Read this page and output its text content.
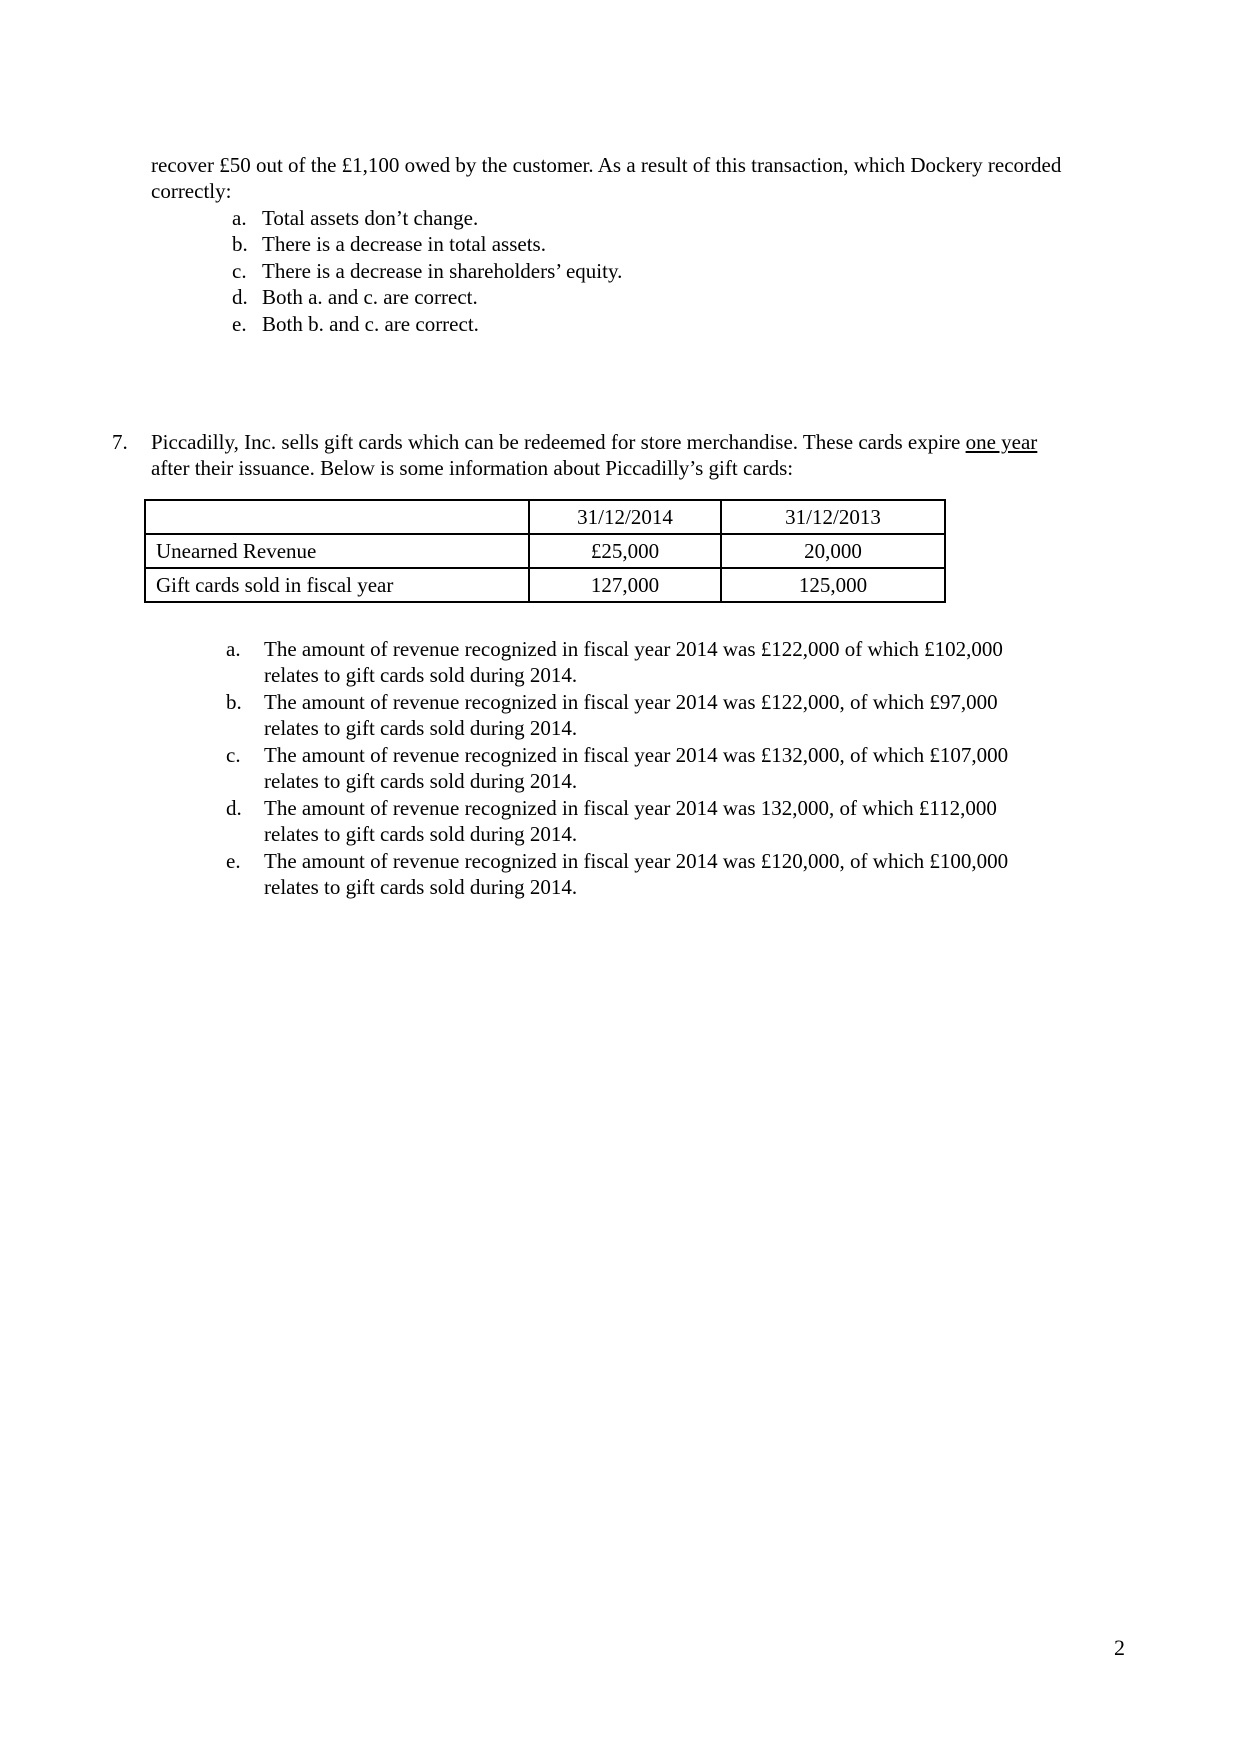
recover £50 out of the £1,100 owed by the customer. As a result of this transaction, which Dockery recorded
correctly:
a. Total assets don’t change.
b. There is a decrease in total assets.
c. There is a decrease in shareholders’ equity.
d. Both a. and c. are correct.
e. Both b. and c. are correct.
7. Piccadilly, Inc. sells gift cards which can be redeemed for store merchandise. These cards expire one year
after their issuance. Below is some information about Piccadilly’s gift cards:
	31/12/2014	31/12/2013
Unearned Revenue	£25,000	20,000
Gift cards sold in fiscal year	127,000	125,000
a. The amount of revenue recognized in fiscal year 2014 was £122,000 of which £102,000
relates to gift cards sold during 2014.
b. The amount of revenue recognized in fiscal year 2014 was £122,000, of which £97,000
relates to gift cards sold during 2014.
c. The amount of revenue recognized in fiscal year 2014 was £132,000, of which £107,000
relates to gift cards sold during 2014.
d. The amount of revenue recognized in fiscal year 2014 was 132,000, of which £112,000
relates to gift cards sold during 2014.
e. The amount of revenue recognized in fiscal year 2014 was £120,000, of which £100,000
relates to gift cards sold during 2014.
2
